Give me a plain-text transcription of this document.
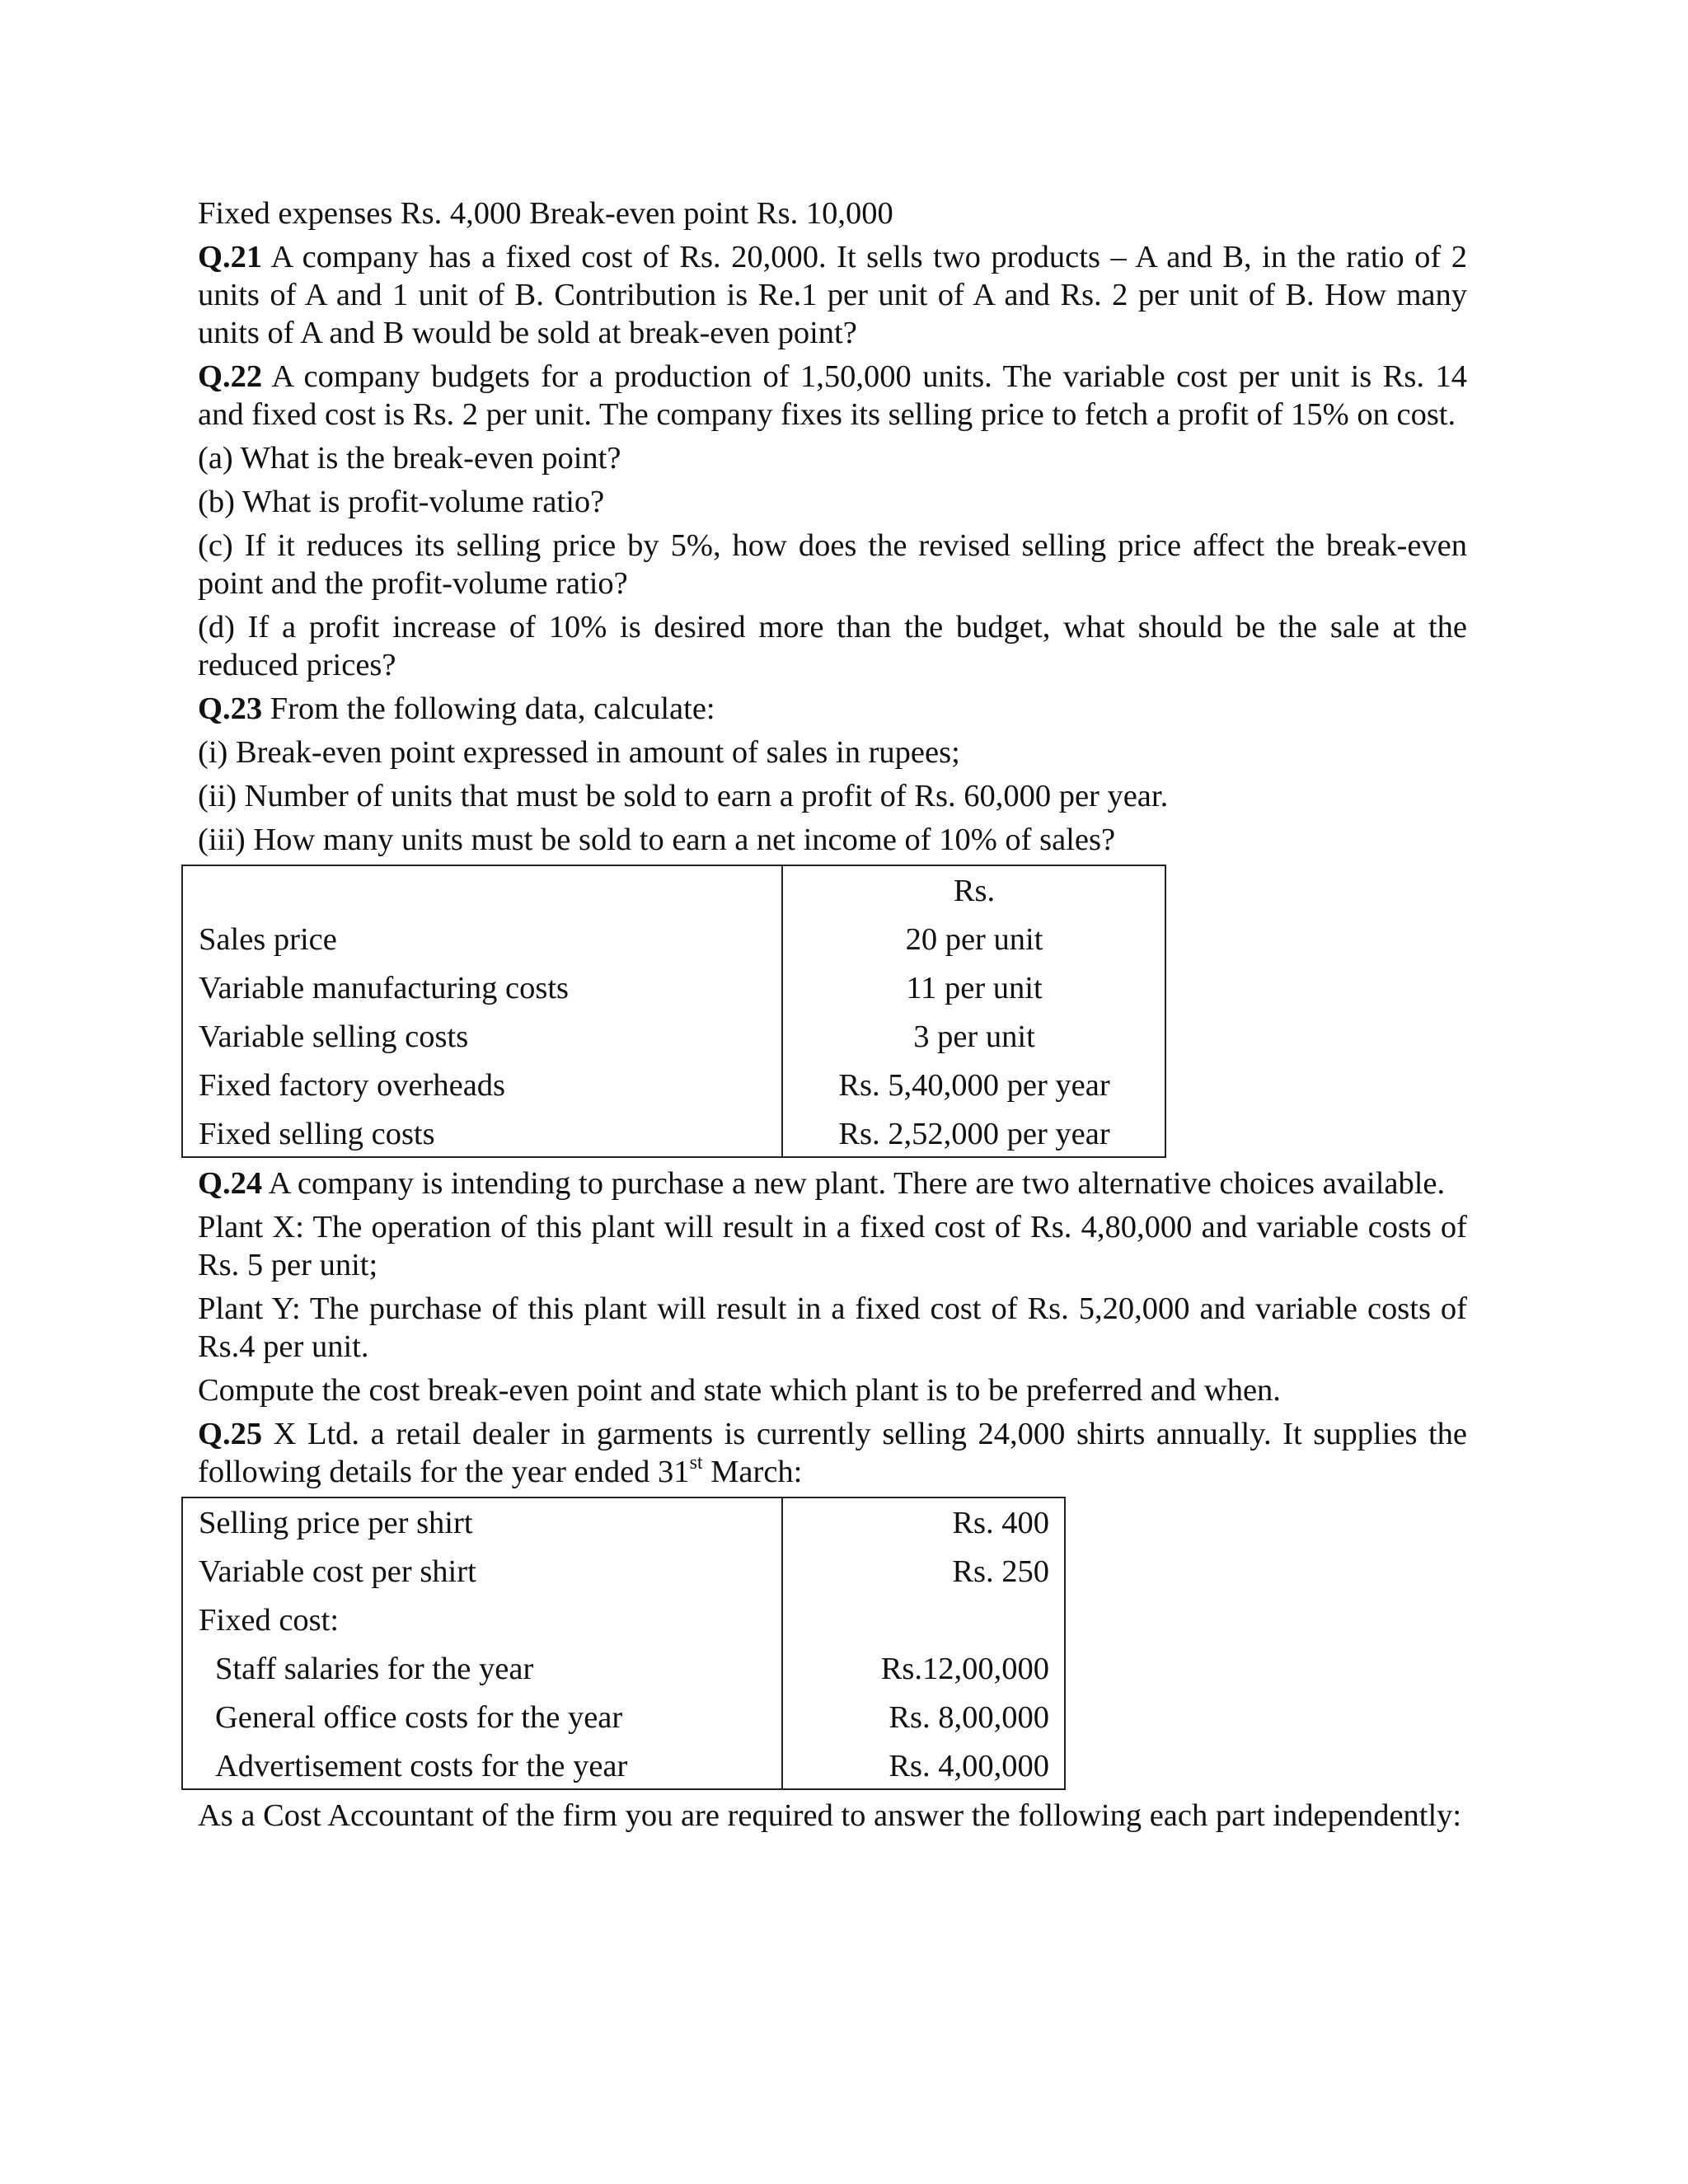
Fixed expenses Rs. 4,000 Break-even point Rs. 10,000

Q.21 A company has a fixed cost of Rs. 20,000. It sells two products – A and B, in the ratio of 2 units of A and 1 unit of B. Contribution is Re.1 per unit of A and Rs. 2 per unit of B. How many units of A and B would be sold at break-even point?

Q.22 A company budgets for a production of 1,50,000 units. The variable cost per unit is Rs. 14 and fixed cost is Rs. 2 per unit. The company fixes its selling price to fetch a profit of 15% on cost.

(a) What is the break-even point?

(b) What is profit-volume ratio?

(c) If it reduces its selling price by 5%, how does the revised selling price affect the break-even point and the profit-volume ratio?

(d) If a profit increase of 10% is desired more than the budget, what should be the sale at the reduced prices?

Q.23 From the following data, calculate:

(i) Break-even point expressed in amount of sales in rupees;

(ii) Number of units that must be sold to earn a profit of Rs. 60,000 per year.

(iii) How many units must be sold to earn a net income of 10% of sales?

	Rs.
Sales price	20 per unit
Variable manufacturing costs	11 per unit
Variable selling costs	3 per unit
Fixed factory overheads	Rs. 5,40,000 per year
Fixed selling costs	Rs. 2,52,000 per year

Q.24 A company is intending to purchase a new plant. There are two alternative choices available.

Plant X: The operation of this plant will result in a fixed cost of Rs. 4,80,000 and variable costs of Rs. 5 per unit;

Plant Y: The purchase of this plant will result in a fixed cost of Rs. 5,20,000 and variable costs of Rs.4 per unit.

Compute the cost break-even point and state which plant is to be preferred and when.

Q.25 X Ltd. a retail dealer in garments is currently selling 24,000 shirts annually. It supplies the following details for the year ended 31st March:

Selling price per shirt	Rs. 400
Variable cost per shirt	Rs. 250
Fixed cost:	
Staff salaries for the year	Rs.12,00,000
General office costs for the year	Rs. 8,00,000
Advertisement costs for the year	Rs. 4,00,000

As a Cost Accountant of the firm you are required to answer the following each part independently:
